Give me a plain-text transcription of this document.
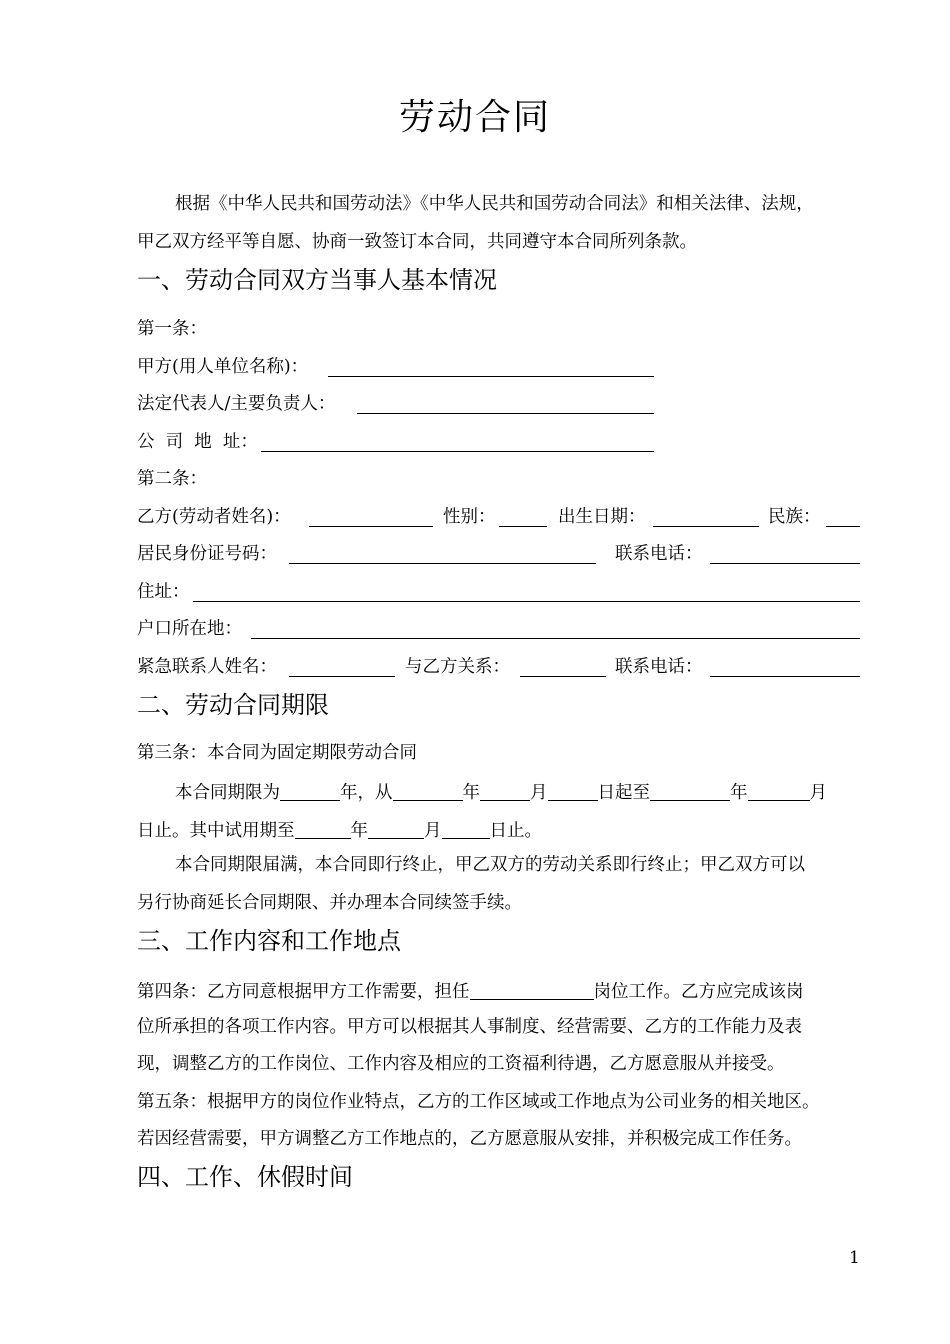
劳动合同
根据《中华人民共和国劳动法》《中华人民共和国劳动合同法》和相关法律、法规，
甲乙双方经平等自愿、协商一致签订本合同，共同遵守本合同所列条款。
一、劳动合同双方当事人基本情况
第一条：
甲方(用人单位名称)：
法定代表人/主要负责人：
公  司  地  址：
第二条：
乙方(劳动者姓名)：	性别：	出生日期：	民族：
居民身份证号码：	联系电话：
住址：
户口所在地：
紧急联系人姓名：	与乙方关系：	联系电话：
二、劳动合同期限
第三条：本合同为固定期限劳动合同
本合同期限为	年，从	年	月	日起至	年	月
日止。其中试用期至	年	月	日止。
本合同期限届满，本合同即行终止，甲乙双方的劳动关系即行终止；甲乙双方可以
另行协商延长合同期限、并办理本合同续签手续。
三、工作内容和工作地点
第四条：乙方同意根据甲方工作需要，担任	岗位工作。乙方应完成该岗
位所承担的各项工作内容。甲方可以根据其人事制度、经营需要、乙方的工作能力及表
现，调整乙方的工作岗位、工作内容及相应的工资福利待遇，乙方愿意服从并接受。
第五条：根据甲方的岗位作业特点，乙方的工作区域或工作地点为公司业务的相关地区。
若因经营需要，甲方调整乙方工作地点的，乙方愿意服从安排，并积极完成工作任务。
四、工作、休假时间
1
